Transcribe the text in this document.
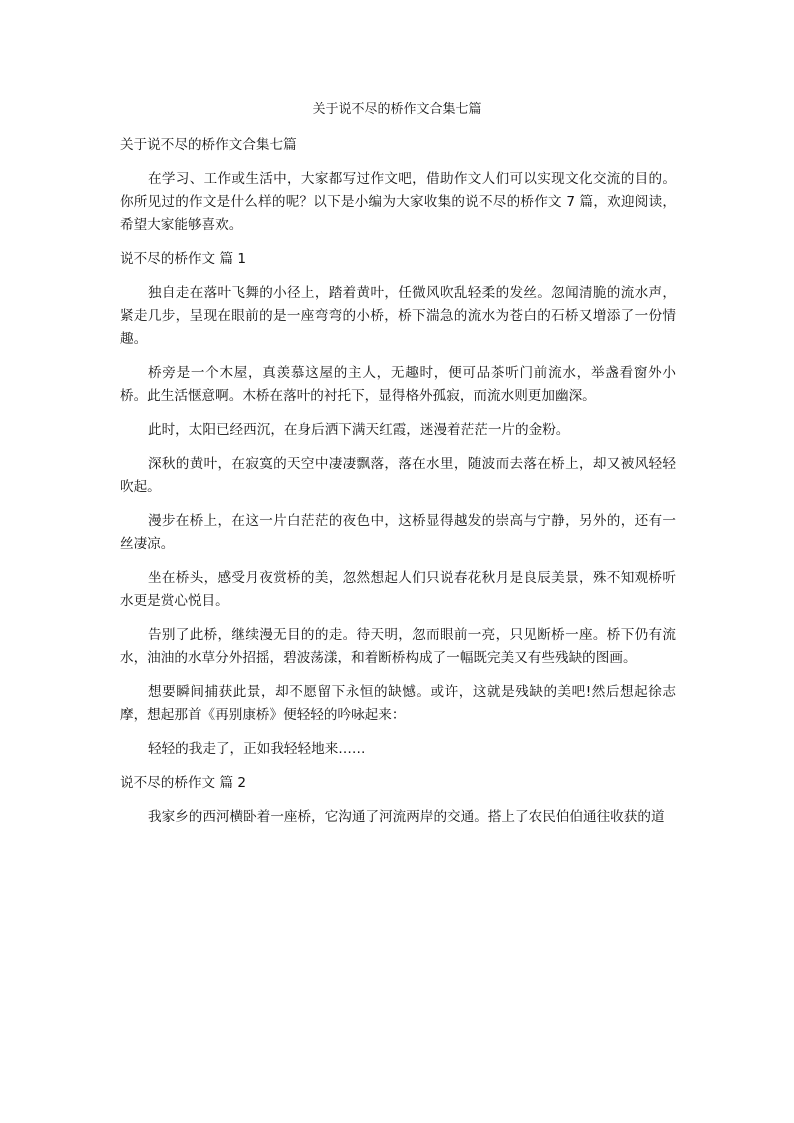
关于说不尽的桥作文合集七篇
关于说不尽的桥作文合集七篇

在学习、工作或生活中，大家都写过作文吧，借助作文人们可以实现文化交流的目的。你所见过的作文是什么样的呢？以下是小编为大家收集的说不尽的桥作文 7 篇，欢迎阅读，希望大家能够喜欢。

说不尽的桥作文 篇 1

独自走在落叶飞舞的小径上，踏着黄叶，任微风吹乱轻柔的发丝。忽闻清脆的流水声，紧走几步，呈现在眼前的是一座弯弯的小桥，桥下湍急的流水为苍白的石桥又增添了一份情趣。

桥旁是一个木屋，真羡慕这屋的主人，无趣时，便可品茶听门前流水，举盏看窗外小桥。此生活惬意啊。木桥在落叶的衬托下，显得格外孤寂，而流水则更加幽深。

此时，太阳已经西沉，在身后洒下满天红霞，迷漫着茫茫一片的金粉。

深秋的黄叶，在寂寞的天空中凄凄飘落，落在水里，随波而去落在桥上，却又被风轻轻吹起。

漫步在桥上，在这一片白茫茫的夜色中，这桥显得越发的崇高与宁静，另外的，还有一丝凄凉。

坐在桥头，感受月夜赏桥的美，忽然想起人们只说春花秋月是良辰美景，殊不知观桥听水更是赏心悦目。

告别了此桥，继续漫无目的的走。待天明，忽而眼前一亮，只见断桥一座。桥下仍有流水，油油的水草分外招摇，碧波荡漾，和着断桥构成了一幅既完美又有些残缺的图画。

想要瞬间捕获此景，却不愿留下永恒的缺憾。或许，这就是残缺的美吧!然后想起徐志摩，想起那首《再别康桥》便轻轻的吟咏起来：

轻轻的我走了，正如我轻轻地来……

说不尽的桥作文 篇 2

我家乡的西河横卧着一座桥，它沟通了河流两岸的交通。搭上了农民伯伯通往收获的道
